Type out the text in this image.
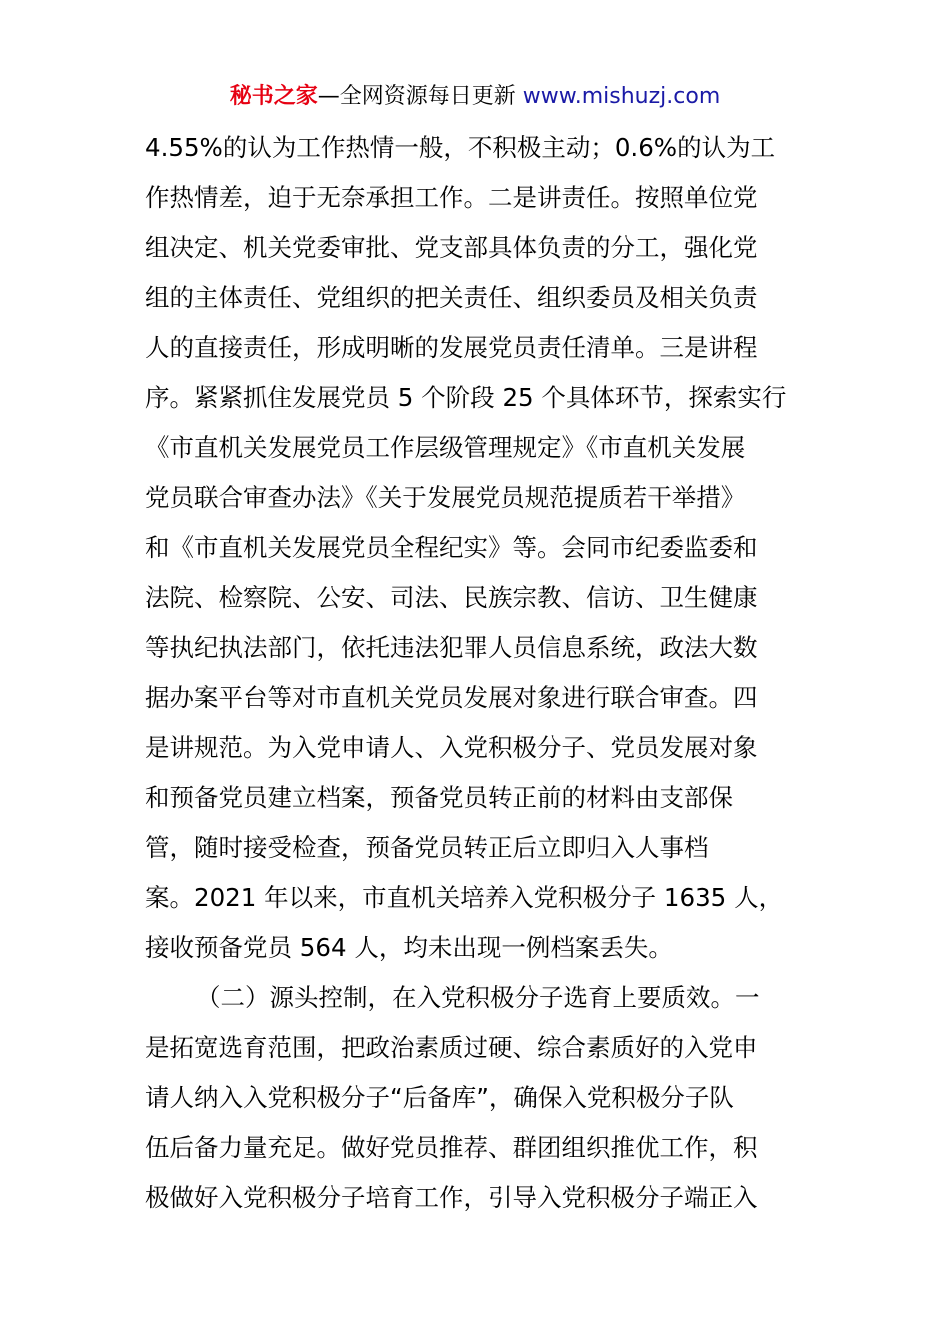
秘书之家—全网资源每日更新 www.mishuzj.com
4.55%的认为工作热情一般，不积极主动；0.6%的认为工
作热情差，迫于无奈承担工作。二是讲责任。按照单位党
组决定、机关党委审批、党支部具体负责的分工，强化党
组的主体责任、党组织的把关责任、组织委员及相关负责
人的直接责任，形成明晰的发展党员责任清单。三是讲程
序。紧紧抓住发展党员 5 个阶段 25 个具体环节，探索实行
《市直机关发展党员工作层级管理规定》《市直机关发展
党员联合审查办法》《关于发展党员规范提质若干举措》
和《市直机关发展党员全程纪实》等。会同市纪委监委和
法院、检察院、公安、司法、民族宗教、信访、卫生健康
等执纪执法部门，依托违法犯罪人员信息系统，政法大数
据办案平台等对市直机关党员发展对象进行联合审查。四
是讲规范。为入党申请人、入党积极分子、党员发展对象
和预备党员建立档案，预备党员转正前的材料由支部保
管，随时接受检查，预备党员转正后立即归入人事档
案。2021 年以来，市直机关培养入党积极分子 1635 人，
接收预备党员 564 人，均未出现一例档案丢失。
（二）源头控制，在入党积极分子选育上要质效。一
是拓宽选育范围，把政治素质过硬、综合素质好的入党申
请人纳入入党积极分子“后备库”，确保入党积极分子队
伍后备力量充足。做好党员推荐、群团组织推优工作，积
极做好入党积极分子培育工作，引导入党积极分子端正入
